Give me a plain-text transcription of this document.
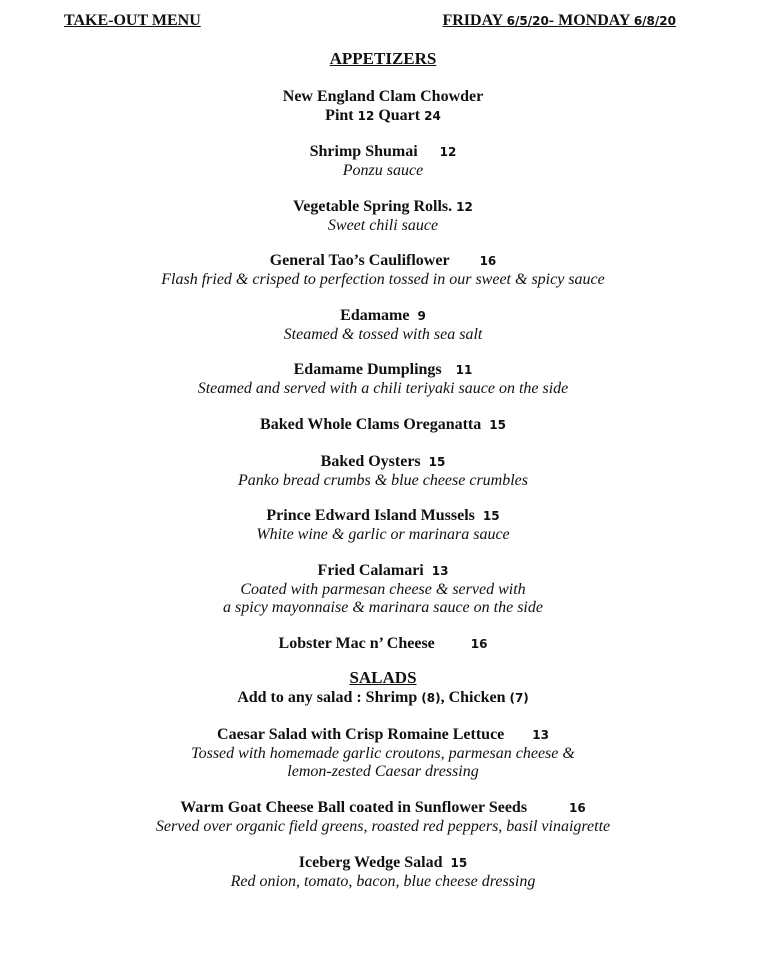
TAKE-OUT MENU	FRIDAY 6/5/20- MONDAY 6/8/20
APPETIZERS
New England Clam Chowder
Pint 12 Quart 24
Shrimp Shumai 12
Ponzu sauce
Vegetable Spring Rolls. 12
Sweet chili sauce
General Tao’s Cauliflower	16
Flash fried & crisped to perfection tossed in our sweet & spicy sauce
Edamame 9
Steamed & tossed with sea salt
Edamame Dumplings 11
Steamed and served with a chili teriyaki sauce on the side
Baked Whole Clams Oreganatta 15
Baked Oysters 15
Panko bread crumbs & blue cheese crumbles
Prince Edward Island Mussels 15
White wine & garlic or marinara sauce
Fried Calamari 13
Coated with parmesan cheese & served with
a spicy mayonnaise & marinara sauce on the side
Lobster Mac n’ Cheese	16
SALADS
Add to any salad : Shrimp (8), Chicken (7)
Caesar Salad with Crisp Romaine Lettuce 13
Tossed with homemade garlic croutons, parmesan cheese &
lemon-zested Caesar dressing
Warm Goat Cheese Ball coated in Sunflower Seeds	16
Served over organic field greens, roasted red peppers, basil vinaigrette
Iceberg Wedge Salad 15
Red onion, tomato, bacon, blue cheese dressing
